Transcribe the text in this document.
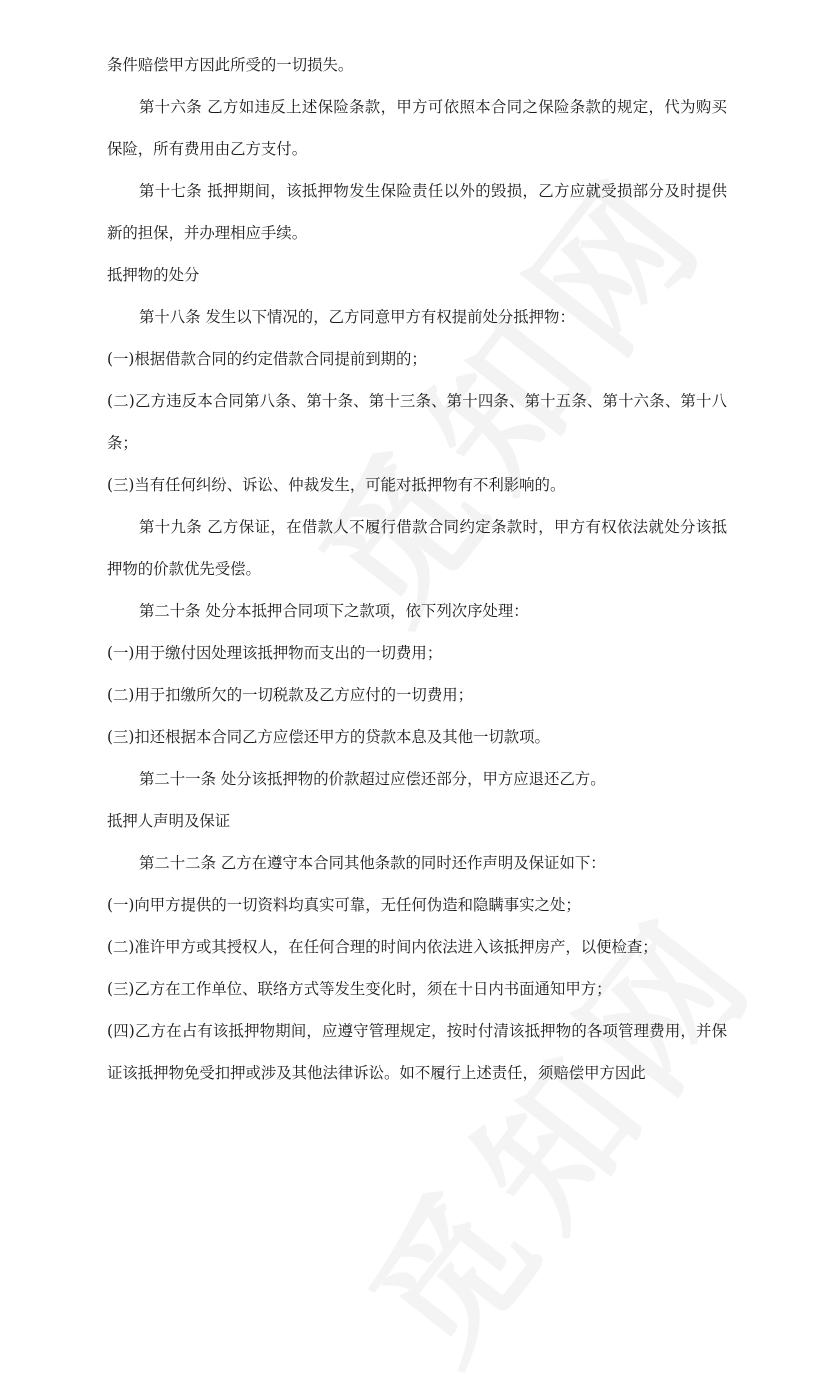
条件赔偿甲方因此所受的一切损失。

第十六条 乙方如违反上述保险条款，甲方可依照本合同之保险条款的规定，代为购买保险，所有费用由乙方支付。

第十七条 抵押期间，该抵押物发生保险责任以外的毁损，乙方应就受损部分及时提供新的担保，并办理相应手续。

抵押物的处分

第十八条 发生以下情况的，乙方同意甲方有权提前处分抵押物：

(一)根据借款合同的约定借款合同提前到期的；

(二)乙方违反本合同第八条、第十条、第十三条、第十四条、第十五条、第十六条、第十八条；

(三)当有任何纠纷、诉讼、仲裁发生，可能对抵押物有不利影响的。

第十九条 乙方保证，在借款人不履行借款合同约定条款时，甲方有权依法就处分该抵押物的价款优先受偿。

第二十条 处分本抵押合同项下之款项，依下列次序处理：

(一)用于缴付因处理该抵押物而支出的一切费用；

(二)用于扣缴所欠的一切税款及乙方应付的一切费用；

(三)扣还根据本合同乙方应偿还甲方的贷款本息及其他一切款项。

第二十一条 处分该抵押物的价款超过应偿还部分，甲方应退还乙方。

抵押人声明及保证

第二十二条 乙方在遵守本合同其他条款的同时还作声明及保证如下：

(一)向甲方提供的一切资料均真实可靠，无任何伪造和隐瞒事实之处；

(二)准许甲方或其授权人，在任何合理的时间内依法进入该抵押房产，以便检查；

(三)乙方在工作单位、联络方式等发生变化时，须在十日内书面通知甲方；

(四)乙方在占有该抵押物期间，应遵守管理规定，按时付清该抵押物的各项管理费用，并保证该抵押物免受扣押或涉及其他法律诉讼。如不履行上述责任，须赔偿甲方因此
